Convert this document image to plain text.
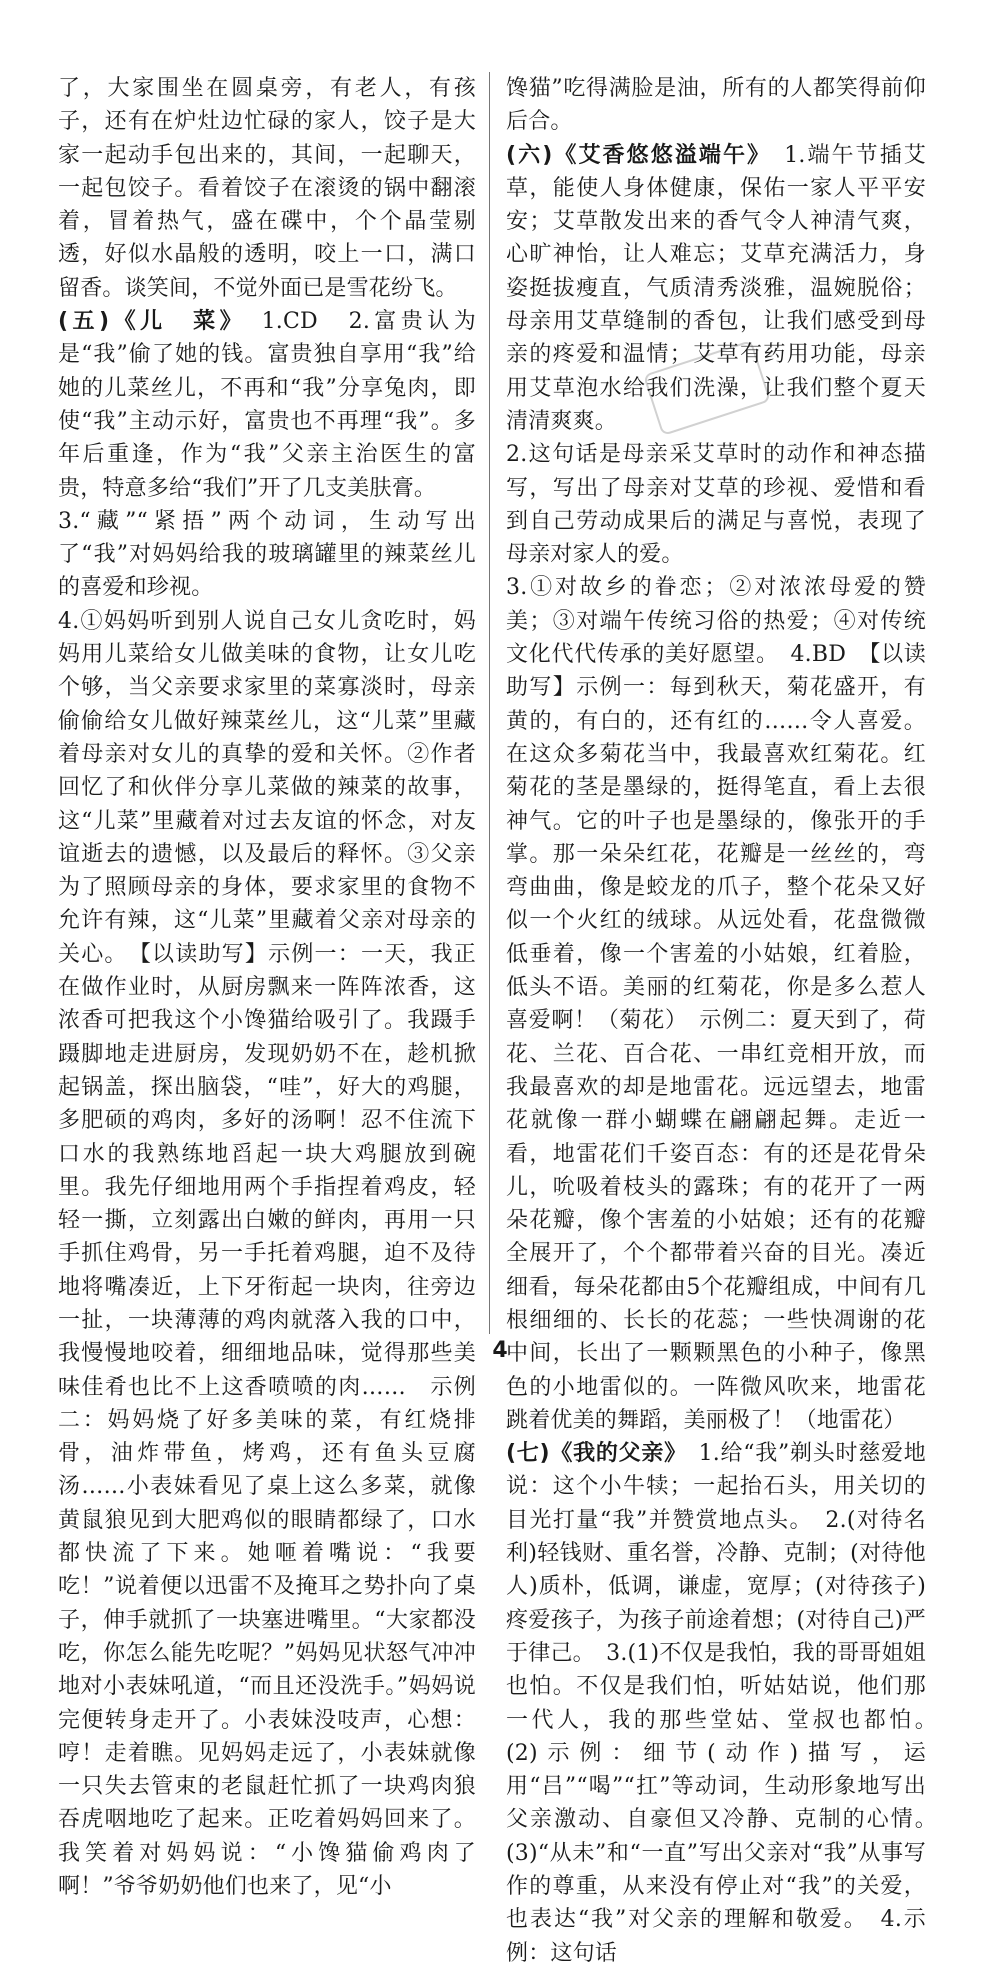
了，大家围坐在圆桌旁，有老人，有孩子，还有在炉灶边忙碌的家人，饺子是大家一起动手包出来的，其间，一起聊天，一起包饺子。看着饺子在滚烫的锅中翻滚着，冒着热气，盛在碟中，个个晶莹剔透，好似水晶般的透明，咬上一口，满口留香。谈笑间，不觉外面已是雪花纷飞。

(五)《儿　菜》　1.CD　2.富贵认为是“我”偷了她的钱。富贵独自享用“我”给她的儿菜丝儿，不再和“我”分享兔肉，即使“我”主动示好，富贵也不再理“我”。多年后重逢，作为“我”父亲主治医生的富贵，特意多给“我们”开了几支美肤膏。

3.“藏”“紧捂”两个动词，生动写出了“我”对妈妈给我的玻璃罐里的辣菜丝儿的喜爱和珍视。

4.①妈妈听到别人说自己女儿贪吃时，妈妈用儿菜给女儿做美味的食物，让女儿吃个够，当父亲要求家里的菜寡淡时，母亲偷偷给女儿做好辣菜丝儿，这“儿菜”里藏着母亲对女儿的真挚的爱和关怀。②作者回忆了和伙伴分享儿菜做的辣菜的故事，这“儿菜”里藏着对过去友谊的怀念，对友谊逝去的遗憾，以及最后的释怀。③父亲为了照顾母亲的身体，要求家里的食物不允许有辣，这“儿菜”里藏着父亲对母亲的关心。　【以读助写】示例一：一天，我正在做作业时，从厨房飘来一阵阵浓香，这浓香可把我这个小馋猫给吸引了。我蹑手蹑脚地走进厨房，发现奶奶不在，趁机掀起锅盖，探出脑袋，“哇”，好大的鸡腿，多肥硕的鸡肉，多好的汤啊！忍不住流下口水的我熟练地舀起一块大鸡腿放到碗里。我先仔细地用两个手指捏着鸡皮，轻轻一撕，立刻露出白嫩的鲜肉，再用一只手抓住鸡骨，另一手托着鸡腿，迫不及待地将嘴凑近，上下牙衔起一块肉，往旁边一扯，一块薄薄的鸡肉就落入我的口中，我慢慢地咬着，细细地品味，觉得那些美味佳肴也比不上这香喷喷的肉……　示例二：妈妈烧了好多美味的菜，有红烧排骨，油炸带鱼，烤鸡，还有鱼头豆腐汤……小表妹看见了桌上这么多菜，就像黄鼠狼见到大肥鸡似的眼睛都绿了，口水都快流了下来。她咂着嘴说：“我要吃！”说着便以迅雷不及掩耳之势扑向了桌子，伸手就抓了一块塞进嘴里。“大家都没吃，你怎么能先吃呢？”妈妈见状怒气冲冲地对小表妹吼道，“而且还没洗手。”妈妈说完便转身走开了。小表妹没吱声，心想：哼！走着瞧。见妈妈走远了，小表妹就像一只失去管束的老鼠赶忙抓了一块鸡肉狼吞虎咽地吃了起来。正吃着妈妈回来了。我笑着对妈妈说：“小馋猫偷鸡肉了啊！”爷爷奶奶他们也来了，见“小

馋猫”吃得满脸是油，所有的人都笑得前仰后合。

(六)《艾香悠悠溢端午》　1.端午节插艾草，能使人身体健康，保佑一家人平平安安；艾草散发出来的香气令人神清气爽，心旷神怡，让人难忘；艾草充满活力，身姿挺拔瘦直，气质清秀淡雅，温婉脱俗；母亲用艾草缝制的香包，让我们感受到母亲的疼爱和温情；艾草有药用功能，母亲用艾草泡水给我们洗澡，让我们整个夏天清清爽爽。

2.这句话是母亲采艾草时的动作和神态描写，写出了母亲对艾草的珍视、爱惜和看到自己劳动成果后的满足与喜悦，表现了母亲对家人的爱。

3.①对故乡的眷恋；②对浓浓母爱的赞美；③对端午传统习俗的热爱；④对传统文化代代传承的美好愿望。　4.BD　【以读助写】示例一：每到秋天，菊花盛开，有黄的，有白的，还有红的……令人喜爱。在这众多菊花当中，我最喜欢红菊花。红菊花的茎是墨绿的，挺得笔直，看上去很神气。它的叶子也是墨绿的，像张开的手掌。那一朵朵红花，花瓣是一丝丝的，弯弯曲曲，像是蛟龙的爪子，整个花朵又好似一个火红的绒球。从远处看，花盘微微低垂着，像一个害羞的小姑娘，红着脸，低头不语。美丽的红菊花，你是多么惹人喜爱啊！（菊花）　示例二：夏天到了，荷花、兰花、百合花、一串红竞相开放，而我最喜欢的却是地雷花。远远望去，地雷花就像一群小蝴蝶在翩翩起舞。走近一看，地雷花们千姿百态：有的还是花骨朵儿，吮吸着枝头的露珠；有的花开了一两朵花瓣，像个害羞的小姑娘；还有的花瓣全展开了，个个都带着兴奋的目光。凑近细看，每朵花都由5个花瓣组成，中间有几根细细的、长长的花蕊；一些快凋谢的花中间，长出了一颗颗黑色的小种子，像黑色的小地雷似的。一阵微风吹来，地雷花跳着优美的舞蹈，美丽极了！（地雷花）

(七)《我的父亲》　1.给“我”剃头时慈爱地说：这个小牛犊；一起抬石头，用关切的目光打量“我”并赞赏地点头。　2.(对待名利)轻钱财、重名誉，冷静、克制；(对待他人)质朴，低调，谦虚，宽厚；(对待孩子)疼爱孩子，为孩子前途着想；(对待自己)严于律己。　3.(1)不仅是我怕，我的哥哥姐姐也怕。不仅是我们怕，听姑姑说，他们那一代人，我的那些堂姑、堂叔也都怕。　(2)示例：细节(动作)描写，运用“吕”“喝”“扛”等动词，生动形象地写出父亲激动、自豪但又冷静、克制的心情。　(3)“从未”和“一直”写出父亲对“我”从事写作的尊重，从来没有停止对“我”的关爱，也表达“我”对父亲的理解和敬爱。　4.示例：这句话

4
